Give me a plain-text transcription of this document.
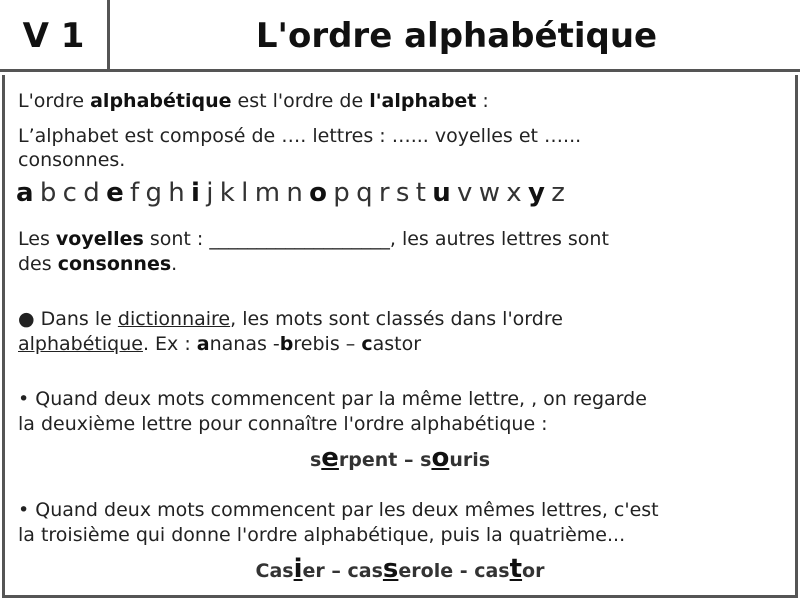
V 1	L'ordre alphabétique
L'ordre alphabétique est l'ordre de l'alphabet :
L’alphabet est composé de …. lettres : …... voyelles et …...
consonnes.
a b c d e f g h i j k l m n o p q r s t u v w x y z
Les voyelles sont : ___________________, les autres lettres sont
des consonnes.
● Dans le dictionnaire, les mots sont classés dans l'ordre
alphabétique. Ex : ananas -brebis – castor
• Quand deux mots commencent par la même lettre, , on regarde
la deuxième lettre pour connaître l'ordre alphabétique :
serpent – souris
• Quand deux mots commencent par les deux mêmes lettres, c'est
la troisième qui donne l'ordre alphabétique, puis la quatrième...
Casier – casserole - castor
